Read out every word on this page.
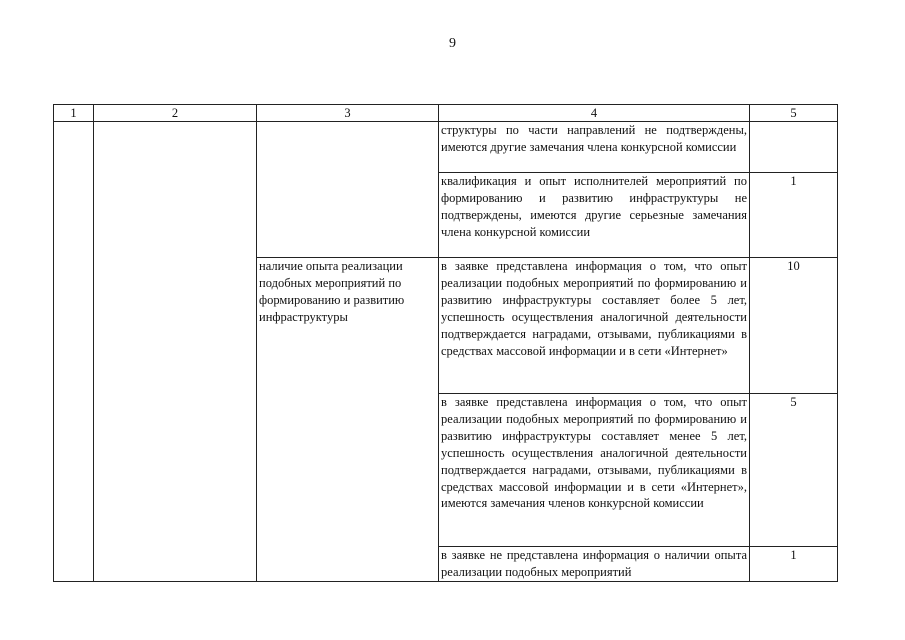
9
1	2	3	4	5
			структуры по части направлений не подтверждены, имеются другие замечания члена конкурсной комиссии	
			квалификация и опыт исполнителей мероприятий по формированию и развитию инфраструктуры не подтверждены, имеются другие серьезные замечания члена конкурсной комиссии	1
		наличие опыта реализации подобных мероприятий по формированию и развитию инфраструктуры	в заявке представлена информация о том, что опыт реализации подобных мероприятий по формированию и развитию инфраструктуры составляет более 5 лет, успешность осуществления аналогичной деятельности подтверждается наградами, отзывами, публикациями в средствах массовой информации и в сети «Интернет»	10
			в заявке представлена информация о том, что опыт реализации подобных мероприятий по формированию и развитию инфраструктуры составляет менее 5 лет, успешность осуществления аналогичной деятельности подтверждается наградами, отзывами, публикациями в средствах массовой информации и в сети «Интернет», имеются замечания членов конкурсной комиссии	5
			в заявке не представлена информация о наличии опыта реализации подобных мероприятий	1
